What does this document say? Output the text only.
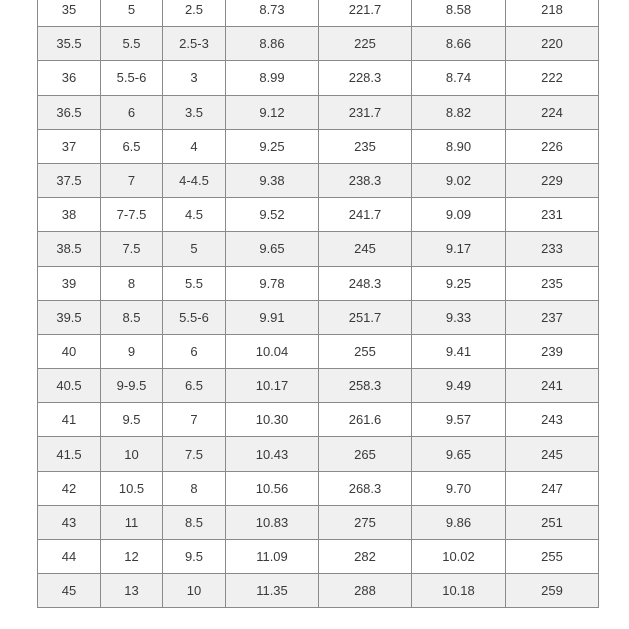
35	5	2.5	8.73	221.7	8.58	218
35.5	5.5	2.5-3	8.86	225	8.66	220
36	5.5-6	3	8.99	228.3	8.74	222
36.5	6	3.5	9.12	231.7	8.82	224
37	6.5	4	9.25	235	8.90	226
37.5	7	4-4.5	9.38	238.3	9.02	229
38	7-7.5	4.5	9.52	241.7	9.09	231
38.5	7.5	5	9.65	245	9.17	233
39	8	5.5	9.78	248.3	9.25	235
39.5	8.5	5.5-6	9.91	251.7	9.33	237
40	9	6	10.04	255	9.41	239
40.5	9-9.5	6.5	10.17	258.3	9.49	241
41	9.5	7	10.30	261.6	9.57	243
41.5	10	7.5	10.43	265	9.65	245
42	10.5	8	10.56	268.3	9.70	247
43	11	8.5	10.83	275	9.86	251
44	12	9.5	11.09	282	10.02	255
45	13	10	11.35	288	10.18	259
